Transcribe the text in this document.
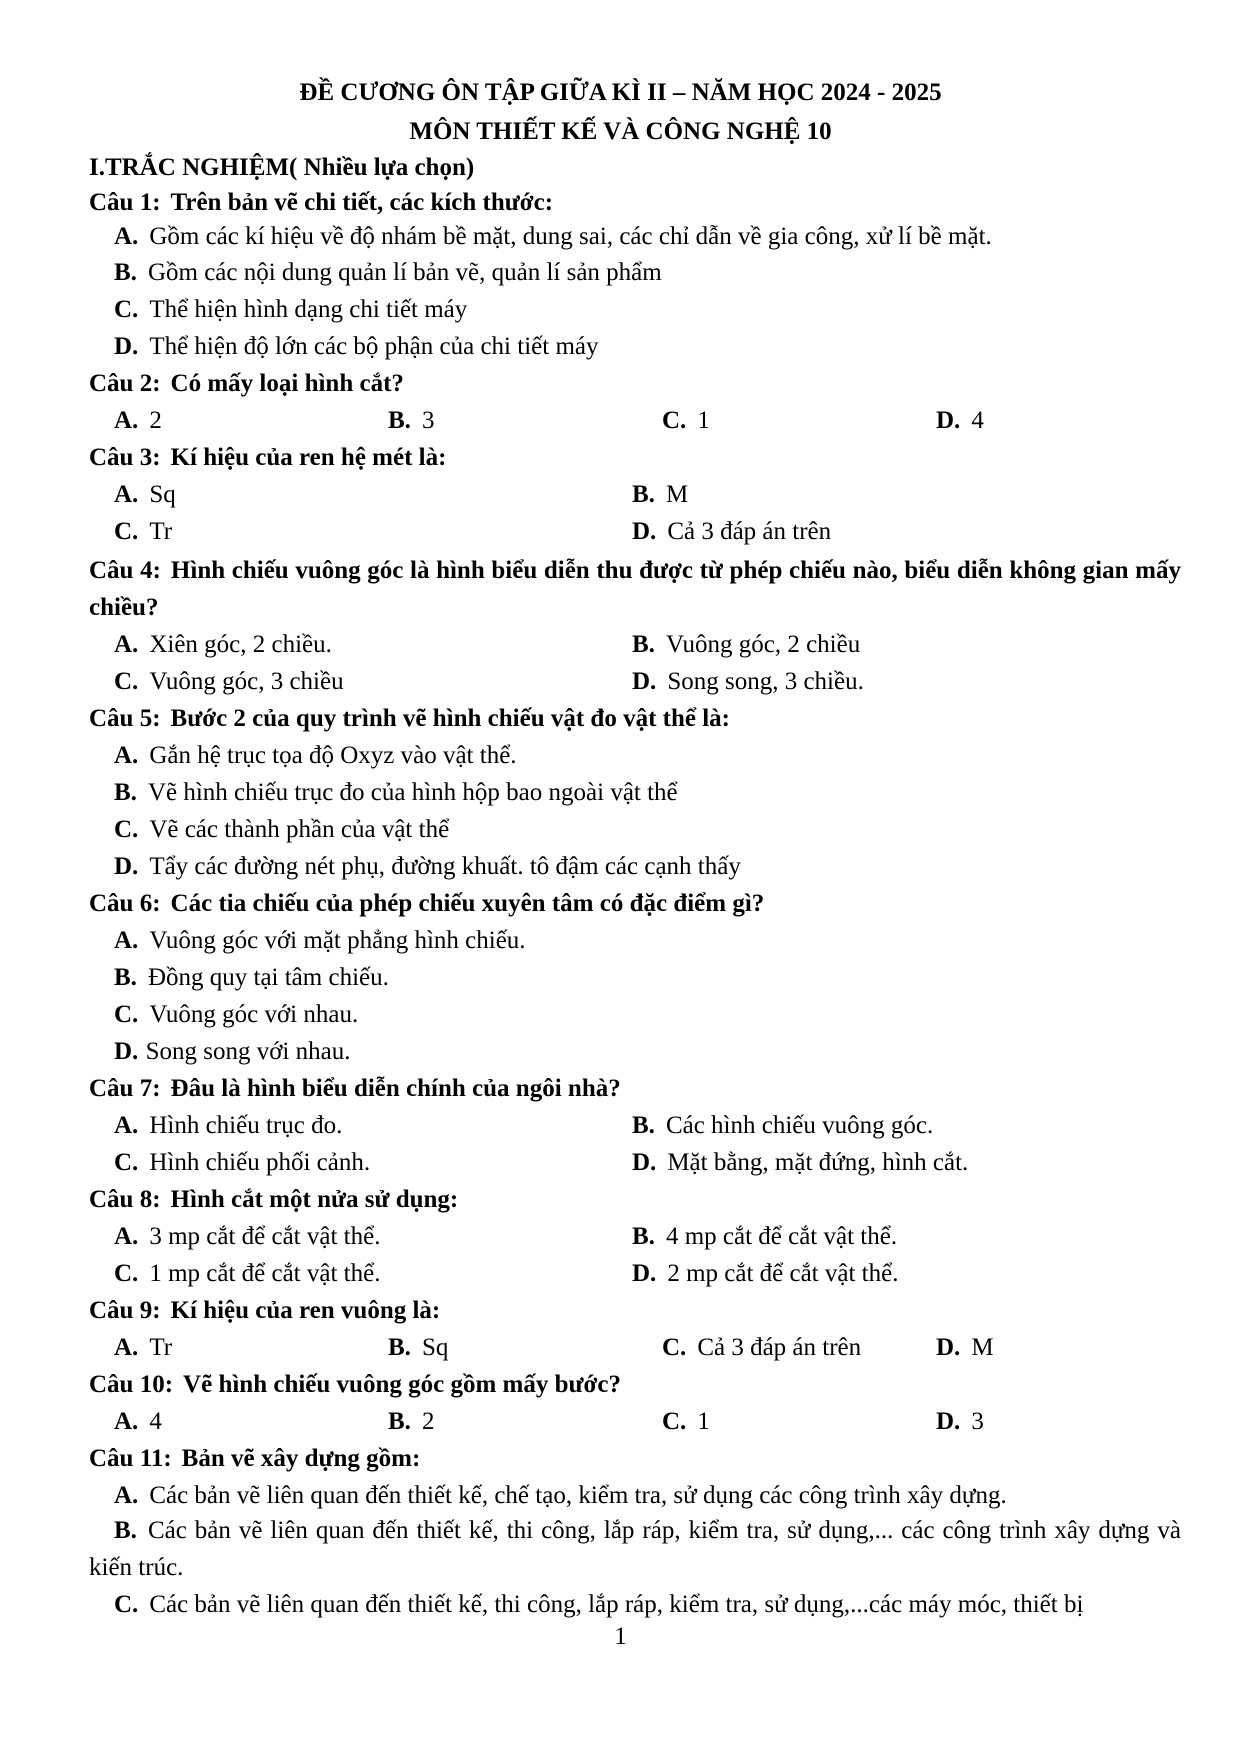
ĐỀ CƯƠNG ÔN TẬP GIỮA KÌ II – NĂM HỌC 2024 - 2025
MÔN THIẾT KẾ VÀ CÔNG NGHỆ 10
I.TRẮC NGHIỆM( Nhiều lựa chọn)
Câu 1: Trên bản vẽ chi tiết, các kích thước:
A. Gồm các kí hiệu về độ nhám bề mặt, dung sai, các chỉ dẫn về gia công, xử lí bề mặt.
B. Gồm các nội dung quản lí bản vẽ, quản lí sản phẩm
C. Thể hiện hình dạng chi tiết máy
D. Thể hiện độ lớn các bộ phận của chi tiết máy
Câu 2: Có mấy loại hình cắt?
A. 2	B. 3	C. 1	D. 4
Câu 3: Kí hiệu của ren hệ mét là:
A. Sq	B. M
C. Tr	D. Cả 3 đáp án trên
Câu 4: Hình chiếu vuông góc là hình biểu diễn thu được từ phép chiếu nào, biểu diễn không gian mấy chiều?
A. Xiên góc, 2 chiều.	B. Vuông góc, 2 chiều
C. Vuông góc, 3 chiều	D. Song song, 3 chiều.
Câu 5: Bước 2 của quy trình vẽ hình chiếu vật đo vật thể là:
A. Gắn hệ trục tọa độ Oxyz vào vật thể.
B. Vẽ hình chiếu trục đo của hình hộp bao ngoài vật thể
C. Vẽ các thành phần của vật thể
D. Tẩy các đường nét phụ, đường khuất. tô đậm các cạnh thấy
Câu 6: Các tia chiếu của phép chiếu xuyên tâm có đặc điểm gì?
A. Vuông góc với mặt phẳng hình chiếu.
B. Đồng quy tại tâm chiếu.
C. Vuông góc với nhau.
D. Song song với nhau.
Câu 7: Đâu là hình biểu diễn chính của ngôi nhà?
A. Hình chiếu trục đo.	B. Các hình chiếu vuông góc.
C. Hình chiếu phối cảnh.	D. Mặt bằng, mặt đứng, hình cắt.
Câu 8: Hình cắt một nửa sử dụng:
A. 3 mp cắt để cắt vật thể.	B. 4 mp cắt để cắt vật thể.
C. 1 mp cắt để cắt vật thể.	D. 2 mp cắt để cắt vật thể.
Câu 9: Kí hiệu của ren vuông là:
A. Tr	B. Sq	C. Cả 3 đáp án trên	D. M
Câu 10: Vẽ hình chiếu vuông góc gồm mấy bước?
A. 4	B. 2	C. 1	D. 3
Câu 11: Bản vẽ xây dựng gồm:
A. Các bản vẽ liên quan đến thiết kế, chế tạo, kiểm tra, sử dụng các công trình xây dựng.
B. Các bản vẽ liên quan đến thiết kế, thi công, lắp ráp, kiểm tra, sử dụng,... các công trình xây dựng và kiến trúc.
C. Các bản vẽ liên quan đến thiết kế, thi công, lắp ráp, kiểm tra, sử dụng,...các máy móc, thiết bị
1
